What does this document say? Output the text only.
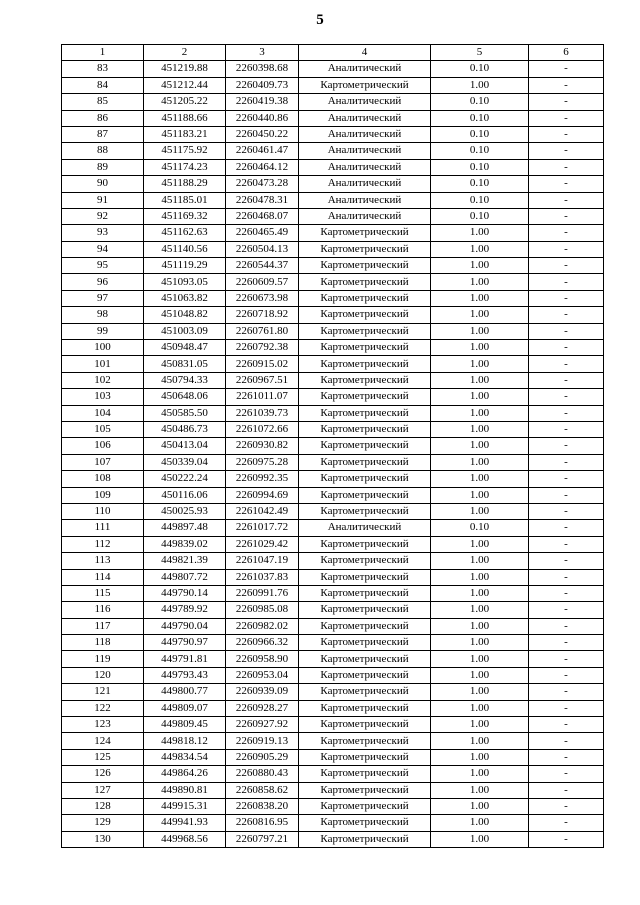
5
1	2	3	4	5	6
83	451219.88	2260398.68	Аналитический	0.10	-
84	451212.44	2260409.73	Картометрический	1.00	-
85	451205.22	2260419.38	Аналитический	0.10	-
86	451188.66	2260440.86	Аналитический	0.10	-
87	451183.21	2260450.22	Аналитический	0.10	-
88	451175.92	2260461.47	Аналитический	0.10	-
89	451174.23	2260464.12	Аналитический	0.10	-
90	451188.29	2260473.28	Аналитический	0.10	-
91	451185.01	2260478.31	Аналитический	0.10	-
92	451169.32	2260468.07	Аналитический	0.10	-
93	451162.63	2260465.49	Картометрический	1.00	-
94	451140.56	2260504.13	Картометрический	1.00	-
95	451119.29	2260544.37	Картометрический	1.00	-
96	451093.05	2260609.57	Картометрический	1.00	-
97	451063.82	2260673.98	Картометрический	1.00	-
98	451048.82	2260718.92	Картометрический	1.00	-
99	451003.09	2260761.80	Картометрический	1.00	-
100	450948.47	2260792.38	Картометрический	1.00	-
101	450831.05	2260915.02	Картометрический	1.00	-
102	450794.33	2260967.51	Картометрический	1.00	-
103	450648.06	2261011.07	Картометрический	1.00	-
104	450585.50	2261039.73	Картометрический	1.00	-
105	450486.73	2261072.66	Картометрический	1.00	-
106	450413.04	2260930.82	Картометрический	1.00	-
107	450339.04	2260975.28	Картометрический	1.00	-
108	450222.24	2260992.35	Картометрический	1.00	-
109	450116.06	2260994.69	Картометрический	1.00	-
110	450025.93	2261042.49	Картометрический	1.00	-
111	449897.48	2261017.72	Аналитический	0.10	-
112	449839.02	2261029.42	Картометрический	1.00	-
113	449821.39	2261047.19	Картометрический	1.00	-
114	449807.72	2261037.83	Картометрический	1.00	-
115	449790.14	2260991.76	Картометрический	1.00	-
116	449789.92	2260985.08	Картометрический	1.00	-
117	449790.04	2260982.02	Картометрический	1.00	-
118	449790.97	2260966.32	Картометрический	1.00	-
119	449791.81	2260958.90	Картометрический	1.00	-
120	449793.43	2260953.04	Картометрический	1.00	-
121	449800.77	2260939.09	Картометрический	1.00	-
122	449809.07	2260928.27	Картометрический	1.00	-
123	449809.45	2260927.92	Картометрический	1.00	-
124	449818.12	2260919.13	Картометрический	1.00	-
125	449834.54	2260905.29	Картометрический	1.00	-
126	449864.26	2260880.43	Картометрический	1.00	-
127	449890.81	2260858.62	Картометрический	1.00	-
128	449915.31	2260838.20	Картометрический	1.00	-
129	449941.93	2260816.95	Картометрический	1.00	-
130	449968.56	2260797.21	Картометрический	1.00	-
